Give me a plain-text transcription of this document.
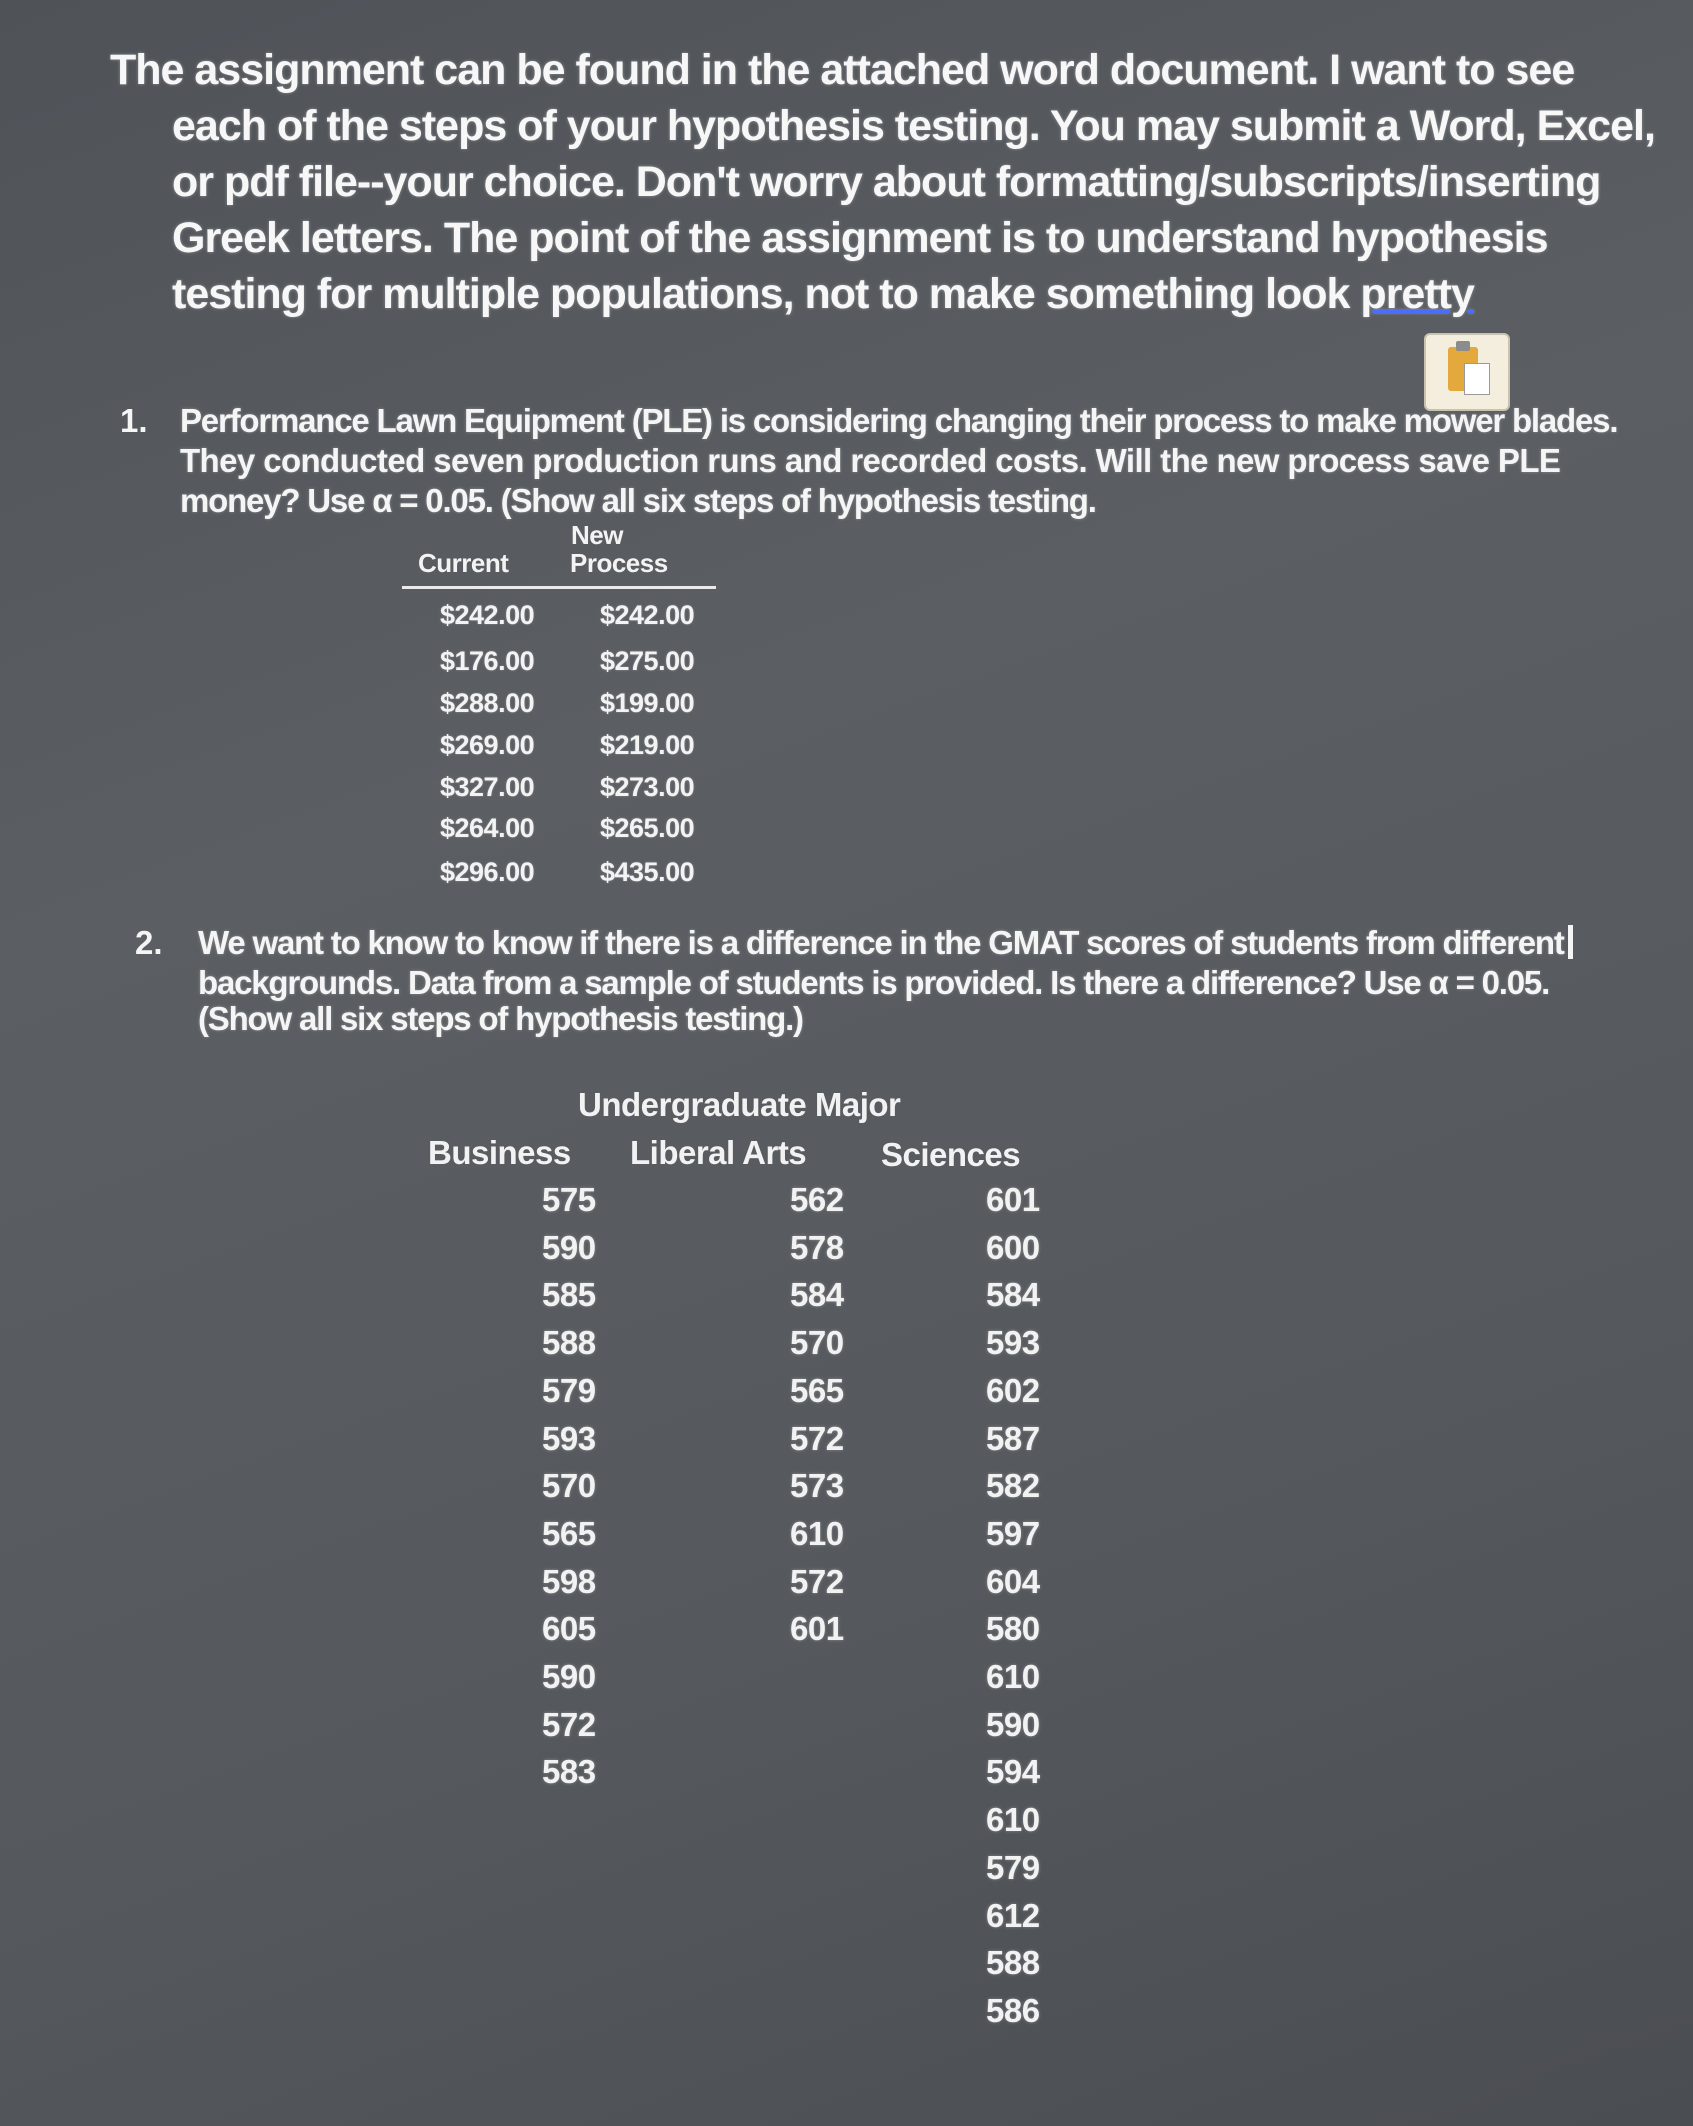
The assignment can be found in the attached word document. I want to see
each of the steps of your hypothesis testing. You may submit a Word, Excel,
or pdf file--your choice. Don't worry about formatting/subscripts/inserting
Greek letters. The point of the assignment is to understand hypothesis
testing for multiple populations, not to make something look pretty
1. Performance Lawn Equipment (PLE) is considering changing their process to make mower blades.
They conducted seven production runs and recorded costs. Will the new process save PLE
money? Use α = 0.05. (Show all six steps of hypothesis testing.
Current
New
Process
$242.00 $242.00
$176.00 $275.00
$288.00 $199.00
$269.00 $219.00
$327.00 $273.00
$264.00 $265.00
$296.00 $435.00
2. We want to know to know if there is a difference in the GMAT scores of students from different
backgrounds. Data from a sample of students is provided. Is there a difference? Use α = 0.05.
(Show all six steps of hypothesis testing.)
Undergraduate Major
Business Liberal Arts Sciences
575
590
585
588
579
593
570
565
598
605
590
572
583
562
578
584
570
565
572
573
610
572
601
601
600
584
593
602
587
582
597
604
580
610
590
594
610
579
612
588
586
